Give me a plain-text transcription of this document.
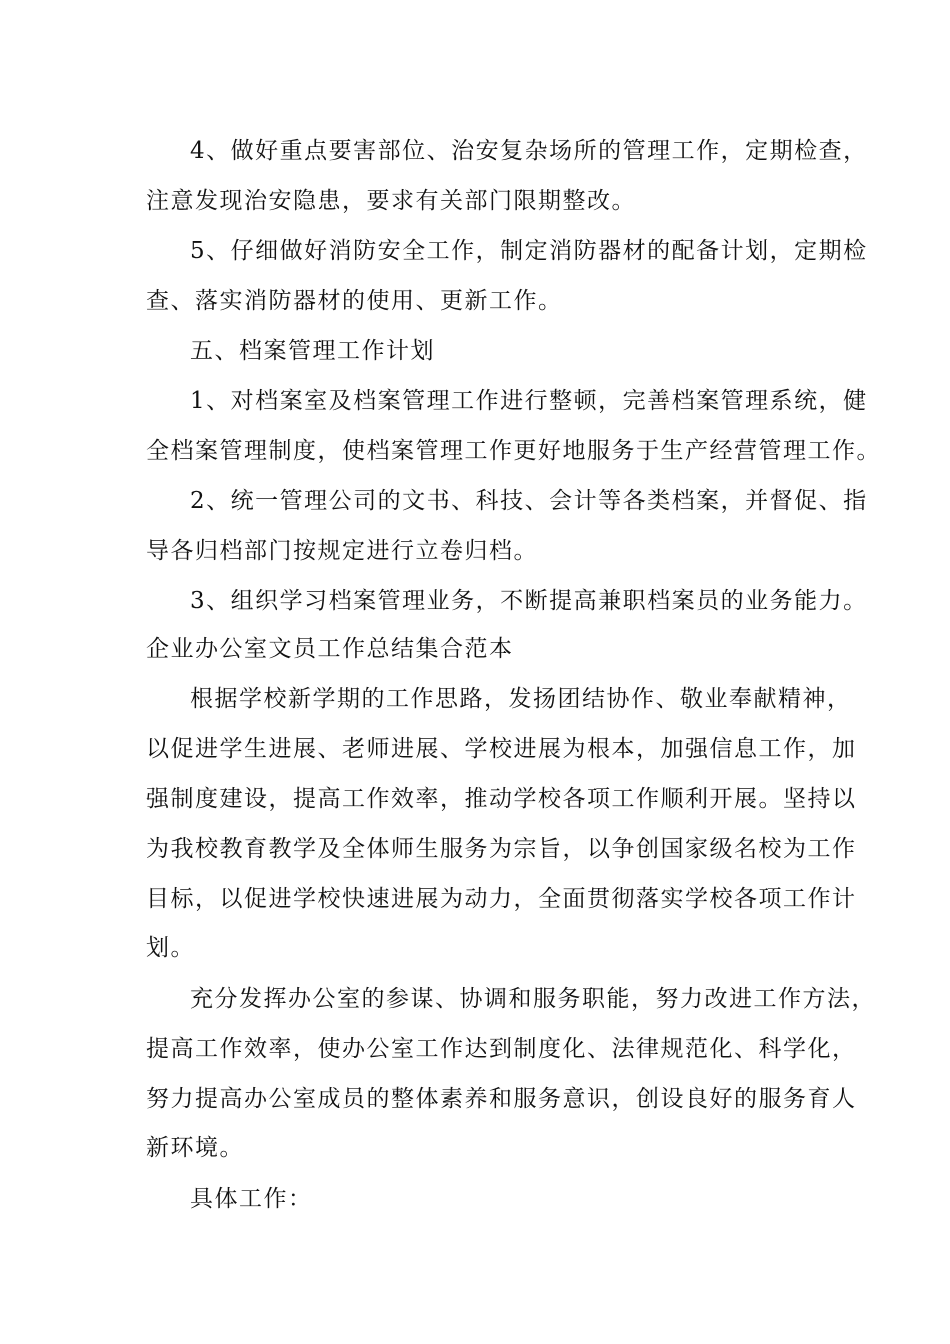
4、做好重点要害部位、治安复杂场所的管理工作，定期检查，
注意发现治安隐患，要求有关部门限期整改。
5、仔细做好消防安全工作，制定消防器材的配备计划，定期检
查、落实消防器材的使用、更新工作。
五、档案管理工作计划
1、对档案室及档案管理工作进行整顿，完善档案管理系统，健
全档案管理制度，使档案管理工作更好地服务于生产经营管理工作。
2、统一管理公司的文书、科技、会计等各类档案，并督促、指
导各归档部门按规定进行立卷归档。
3、组织学习档案管理业务，不断提高兼职档案员的业务能力。
企业办公室文员工作总结集合范本
根据学校新学期的工作思路，发扬团结协作、敬业奉献精神，
以促进学生进展、老师进展、学校进展为根本，加强信息工作，加
强制度建设，提高工作效率，推动学校各项工作顺利开展。坚持以
为我校教育教学及全体师生服务为宗旨，以争创国家级名校为工作
目标，以促进学校快速进展为动力，全面贯彻落实学校各项工作计
划。
充分发挥办公室的参谋、协调和服务职能，努力改进工作方法，
提高工作效率，使办公室工作达到制度化、法律规范化、科学化，
努力提高办公室成员的整体素养和服务意识，创设良好的服务育人
新环境。
具体工作：
